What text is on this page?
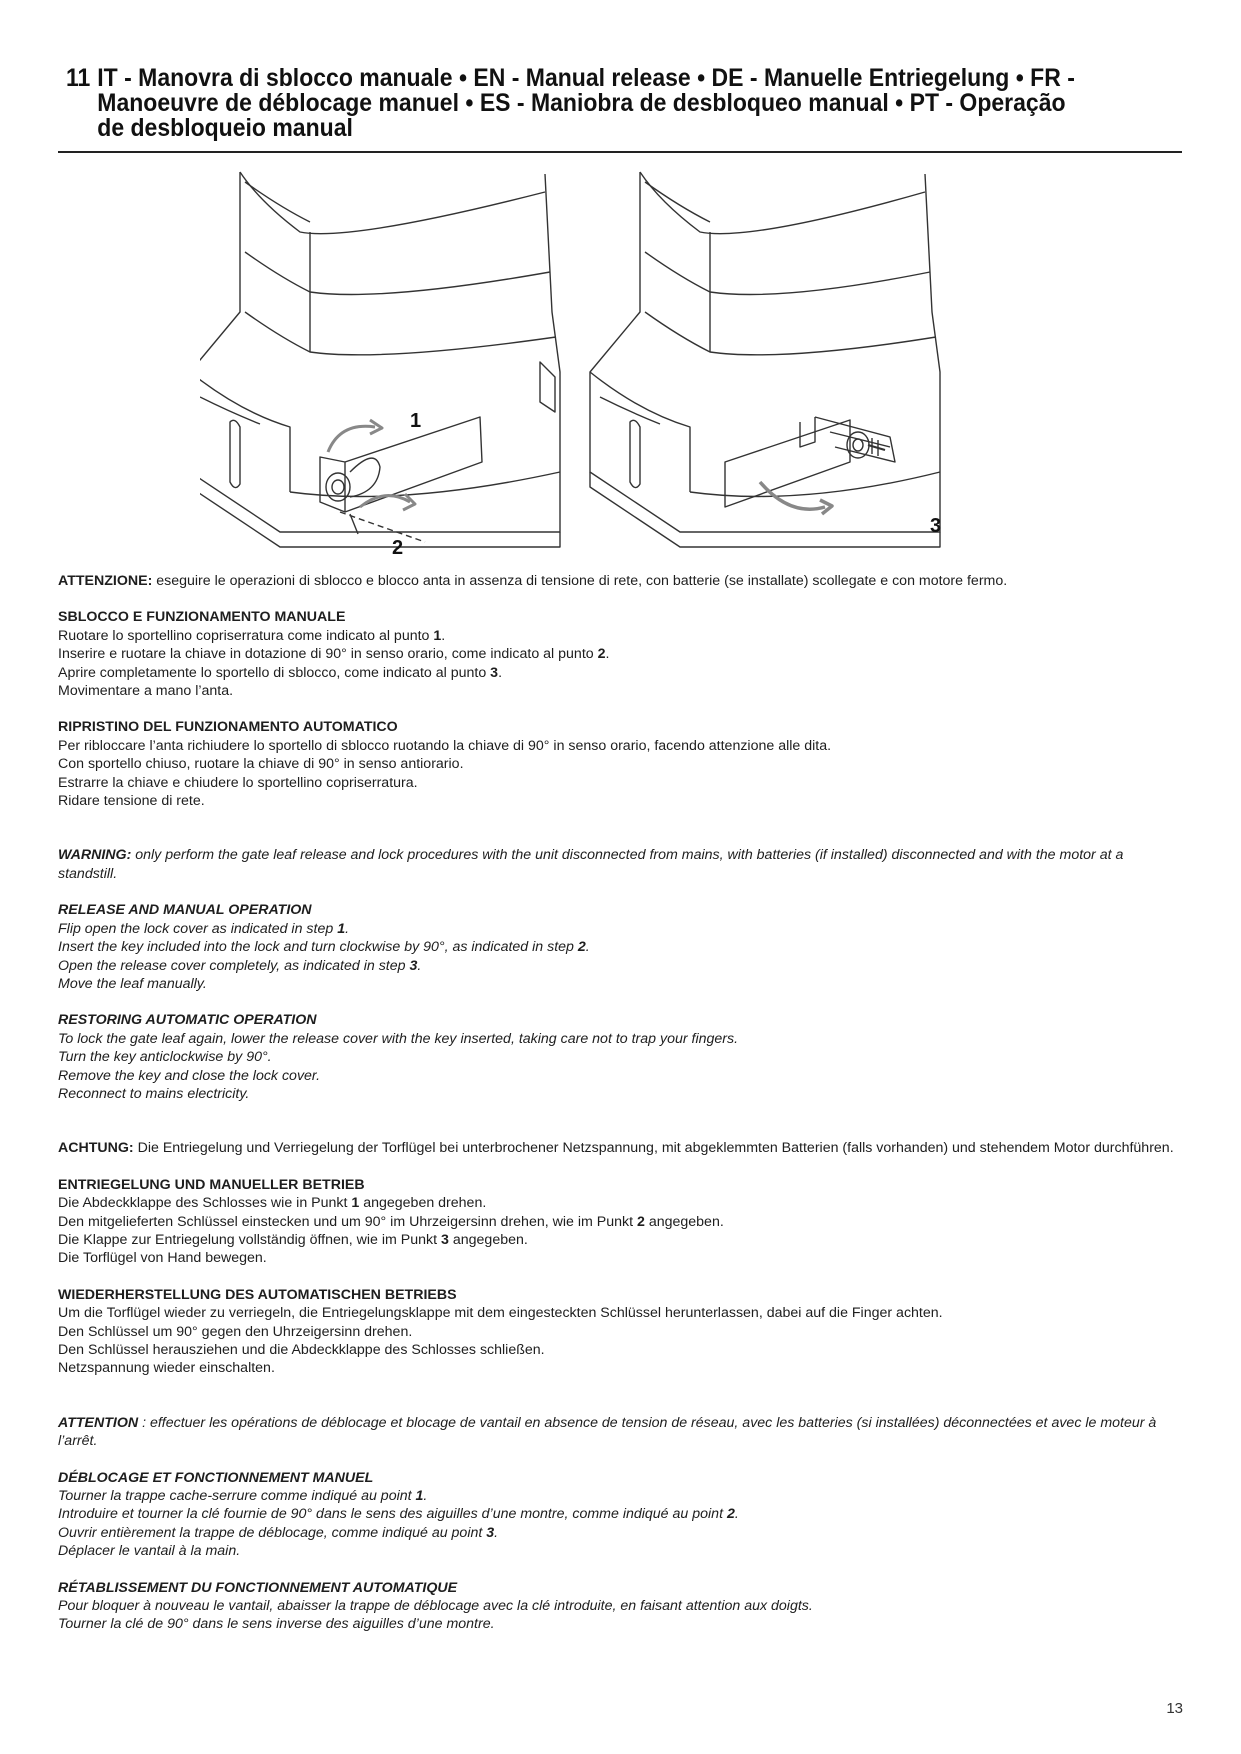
11 IT - Manovra di sblocco manuale • EN - Manual release • DE - Manuelle Entriegelung • FR - Manoeuvre de déblocage manuel • ES - Maniobra de desbloqueo manual • PT - Operação de desbloqueio manual
1
2
3

ATTENZIONE: eseguire le operazioni di sblocco e blocco anta in assenza di tensione di rete, con batterie (se installate) scollegate e con motore fermo.

SBLOCCO E FUNZIONAMENTO MANUALE

Ruotare lo sportellino copriserratura come indicato al punto 1.
Inserire e ruotare la chiave in dotazione di 90° in senso orario, come indicato al punto 2.
Aprire completamente lo sportello di sblocco, come indicato al punto 3.
Movimentare a mano l’anta.

RIPRISTINO DEL FUNZIONAMENTO AUTOMATICO

Per ribloccare l’anta richiudere lo sportello di sblocco ruotando la chiave di 90° in senso orario, facendo attenzione alle dita.
Con sportello chiuso, ruotare la chiave di 90° in senso antiorario.
Estrarre la chiave e chiudere lo sportellino copriserratura.
Ridare tensione di rete.

WARNING: only perform the gate leaf release and lock procedures with the unit disconnected from mains, with batteries (if installed) disconnected and with the motor at a standstill.

RELEASE AND MANUAL OPERATION

Flip open the lock cover as indicated in step 1.
Insert the key included into the lock and turn clockwise by 90°, as indicated in step 2.
Open the release cover completely, as indicated in step 3.
Move the leaf manually.

RESTORING AUTOMATIC OPERATION

To lock the gate leaf again, lower the release cover with the key inserted, taking care not to trap your fingers.
Turn the key anticlockwise by 90°.
Remove the key and close the lock cover.
Reconnect to mains electricity.

ACHTUNG: Die Entriegelung und Verriegelung der Torflügel bei unterbrochener Netzspannung, mit abgeklemmten Batterien (falls vorhanden) und stehendem Motor durchführen.

ENTRIEGELUNG UND MANUELLER BETRIEB

Die Abdeckklappe des Schlosses wie in Punkt 1 angegeben drehen.
Den mitgelieferten Schlüssel einstecken und um 90° im Uhrzeigersinn drehen, wie im Punkt 2 angegeben.
Die Klappe zur Entriegelung vollständig öffnen, wie im Punkt 3 angegeben.
Die Torflügel von Hand bewegen.

WIEDERHERSTELLUNG DES AUTOMATISCHEN BETRIEBS

Um die Torflügel wieder zu verriegeln, die Entriegelungsklappe mit dem eingesteckten Schlüssel herunterlassen, dabei auf die Finger achten.
Den Schlüssel um 90° gegen den Uhrzeigersinn drehen.
Den Schlüssel herausziehen und die Abdeckklappe des Schlosses schließen.
Netzspannung wieder einschalten.

ATTENTION : effectuer les opérations de déblocage et blocage de vantail en absence de tension de réseau, avec les batteries (si installées) déconnectées et avec le moteur à l’arrêt.

DÉBLOCAGE ET FONCTIONNEMENT MANUEL

Tourner la trappe cache-serrure comme indiqué au point 1.
Introduire et tourner la clé fournie de 90° dans le sens des aiguilles d’une montre, comme indiqué au point 2.
Ouvrir entièrement la trappe de déblocage, comme indiqué au point 3.
Déplacer le vantail à la main.

RÉTABLISSEMENT DU FONCTIONNEMENT AUTOMATIQUE

Pour bloquer à nouveau le vantail, abaisser la trappe de déblocage avec la clé introduite, en faisant attention aux doigts.
Tourner la clé de 90° dans le sens inverse des aiguilles d’une montre.
13
